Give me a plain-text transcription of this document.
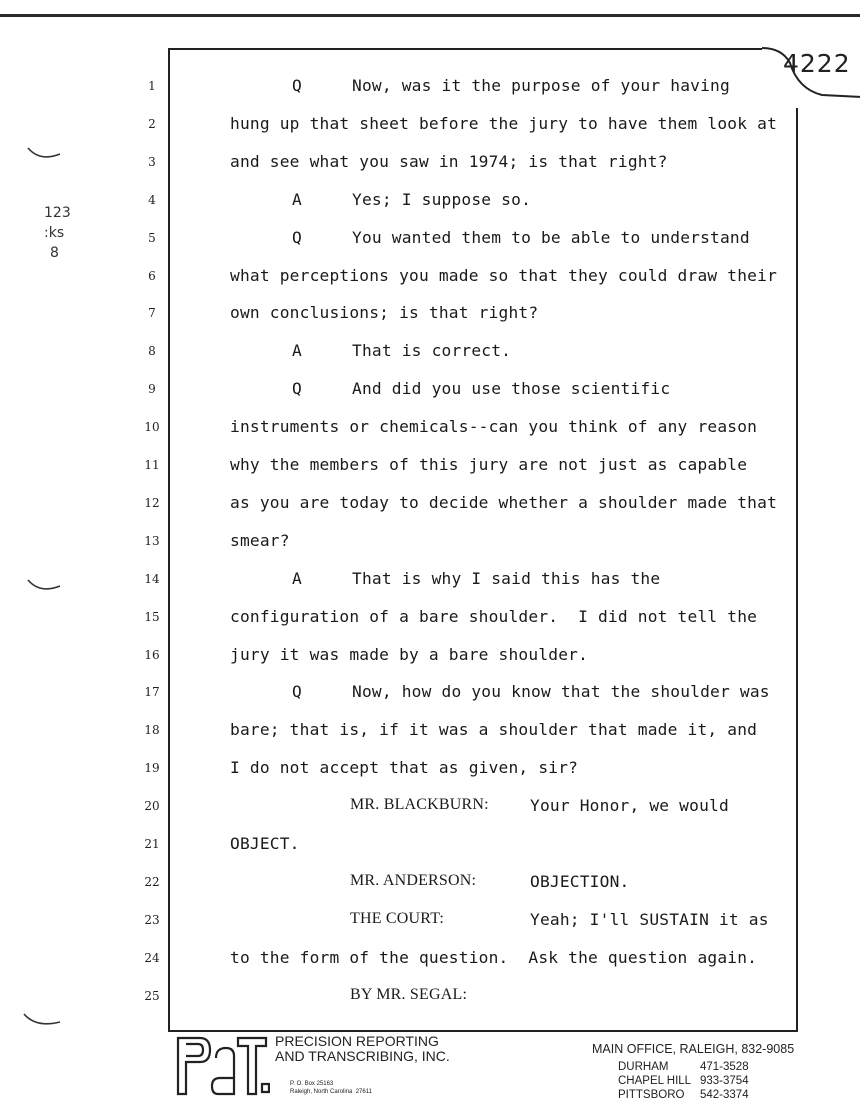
4222
123
:ks
8
1	Q	Now, was it the purpose of your having
2	hung up that sheet before the jury to have them look at
3	and see what you saw in 1974; is that right?
4	A	Yes; I suppose so.
5	Q	You wanted them to be able to understand
6	what perceptions you made so that they could draw their
7	own conclusions; is that right?
8	A	That is correct.
9	Q	And did you use those scientific
10	instruments or chemicals--can you think of any reason
11	why the members of this jury are not just as capable
12	as you are today to decide whether a shoulder made that
13	smear?
14	A	That is why I said this has the
15	configuration of a bare shoulder.  I did not tell the
16	jury it was made by a bare shoulder.
17	Q	Now, how do you know that the shoulder was
18	bare; that is, if it was a shoulder that made it, and
19	I do not accept that as given, sir?
20	MR. BLACKBURN:	Your Honor, we would
21	OBJECT.
22	MR. ANDERSON:	OBJECTION.
23	THE COURT:	Yeah; I'll SUSTAIN it as
24	to the form of the question.  Ask the question again.
25	BY MR. SEGAL:
PRECISION REPORTING
AND TRANSCRIBING, INC.
P. O. Box 25163
Raleigh, North Carolina  27611
MAIN OFFICE, RALEIGH, 832-9085
DURHAM	471-3528
CHAPEL HILL 933-3754
PITTSBORO 542-3374
